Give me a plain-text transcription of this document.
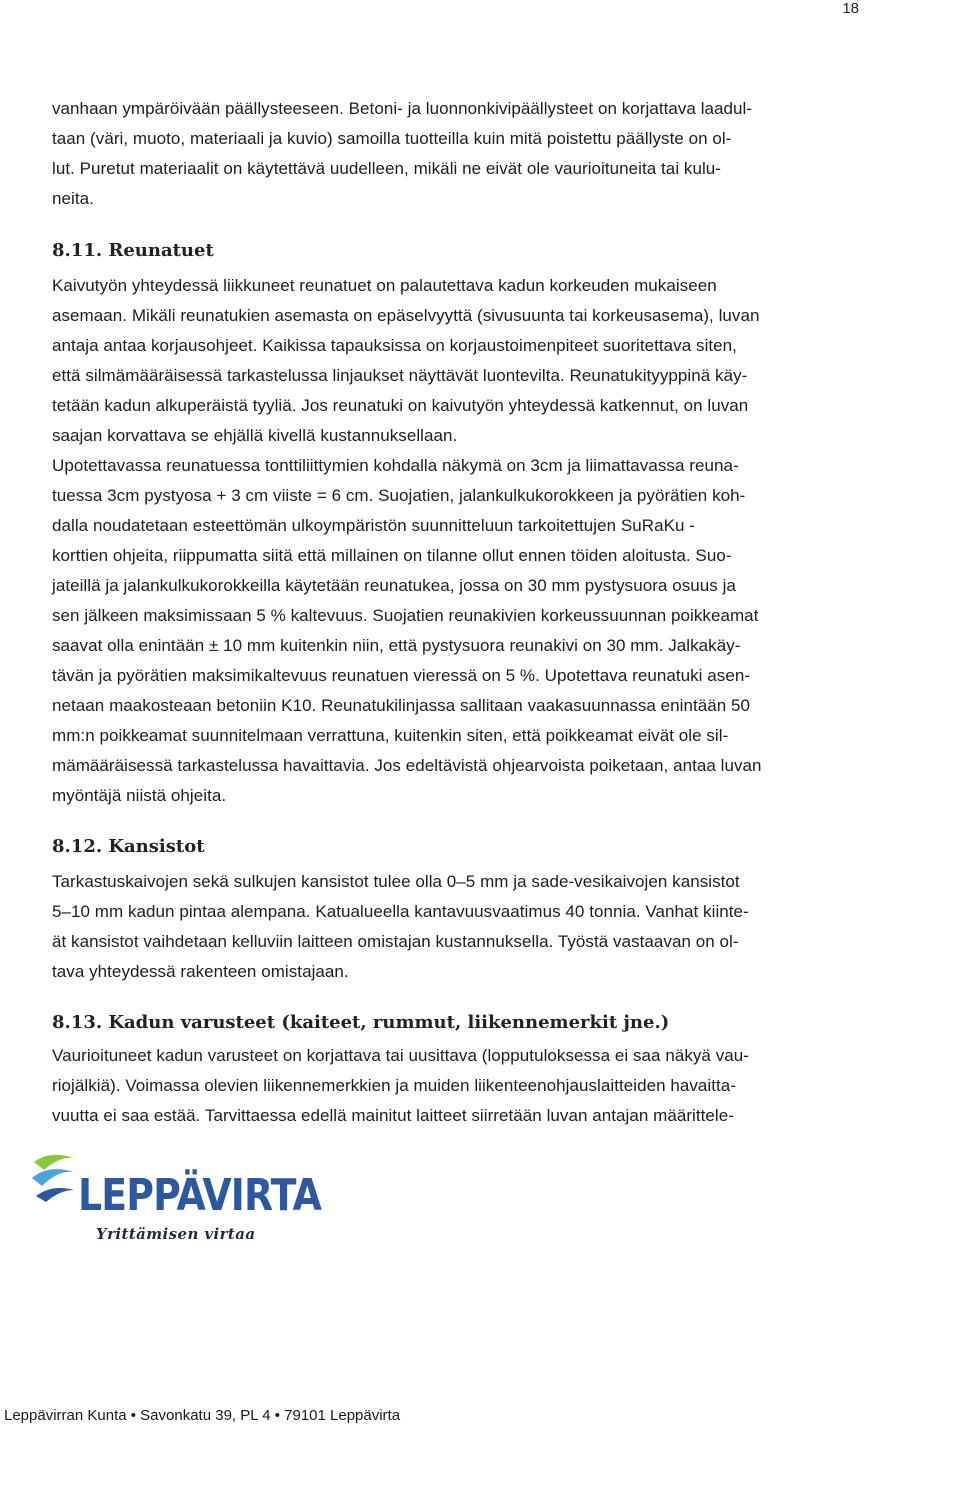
18

vanhaan ympäröivään päällysteeseen. Betoni- ja luonnonkivipäällysteet on korjattava laadul-

taan (väri, muoto, materiaali ja kuvio) samoilla tuotteilla kuin mitä poistettu päällyste on ol-

lut. Puretut materiaalit on käytettävä uudelleen, mikäli ne eivät ole vaurioituneita tai kulu-

neita.

8.11. Reunatuet

Kaivutyön yhteydessä liikkuneet reunatuet on palautettava kadun korkeuden mukaiseen

asemaan. Mikäli reunatukien asemasta on epäselvyyttä (sivusuunta tai korkeusasema), luvan

antaja antaa korjausohjeet. Kaikissa tapauksissa on korjaustoimenpiteet suoritettava siten,

että silmämääräisessä tarkastelussa linjaukset näyttävät luontevilta. Reunatukityyppinä käy-

tetään kadun alkuperäistä tyyliä. Jos reunatuki on kaivutyön yhteydessä katkennut, on luvan

saajan korvattava se ehjällä kivellä kustannuksellaan.

Upotettavassa reunatuessa tonttiliittymien kohdalla näkymä on 3cm ja liimattavassa reuna-

tuessa 3cm pystyosa + 3 cm viiste = 6 cm. Suojatien, jalankulkukorokkeen ja pyörätien koh-

dalla noudatetaan esteettömän ulkoympäristön suunnitteluun tarkoitettujen SuRaKu -

korttien ohjeita, riippumatta siitä että millainen on tilanne ollut ennen töiden aloitusta. Suo-

jateillä ja jalankulkukorokkeilla käytetään reunatukea, jossa on 30 mm pystysuora osuus ja

sen jälkeen maksimissaan 5 % kaltevuus. Suojatien reunakivien korkeussuunnan poikkeamat

saavat olla enintään ± 10 mm kuitenkin niin, että pystysuora reunakivi on 30 mm. Jalkakäy-

tävän ja pyörätien maksimikaltevuus reunatuen vieressä on 5 %. Upotettava reunatuki asen-

netaan maakosteaan betoniin K10. Reunatukilinjassa sallitaan vaakasuunnassa enintään 50

mm:n poikkeamat suunnitelmaan verrattuna, kuitenkin siten, että poikkeamat eivät ole sil-

mämääräisessä tarkastelussa havaittavia. Jos edeltävistä ohjearvoista poiketaan, antaa luvan

myöntäjä niistä ohjeita.

8.12. Kansistot

Tarkastuskaivojen sekä sulkujen kansistot tulee olla 0–5 mm ja sade-vesikaivojen kansistot

5–10 mm kadun pintaa alempana. Katualueella kantavuusvaatimus 40 tonnia. Vanhat kiinte-

ät kansistot vaihdetaan kelluviin laitteen omistajan kustannuksella. Työstä vastaavan on ol-

tava yhteydessä rakenteen omistajaan.

8.13. Kadun varusteet (kaiteet, rummut, liikennemerkit jne.)

Vaurioituneet kadun varusteet on korjattava tai uusittava (lopputuloksessa ei saa näkyä vau-

riojälkiä). Voimassa olevien liikennemerkkien ja muiden liikenteenohjauslaitteiden havaitta-

vuutta ei saa estää. Tarvittaessa edellä mainitut laitteet siirretään luvan antajan määrittele-

LEPPÄVIRTA
Yrittämisen virtaa
Leppävirran Kunta • Savonkatu 39, PL 4 • 79101 Leppävirta
